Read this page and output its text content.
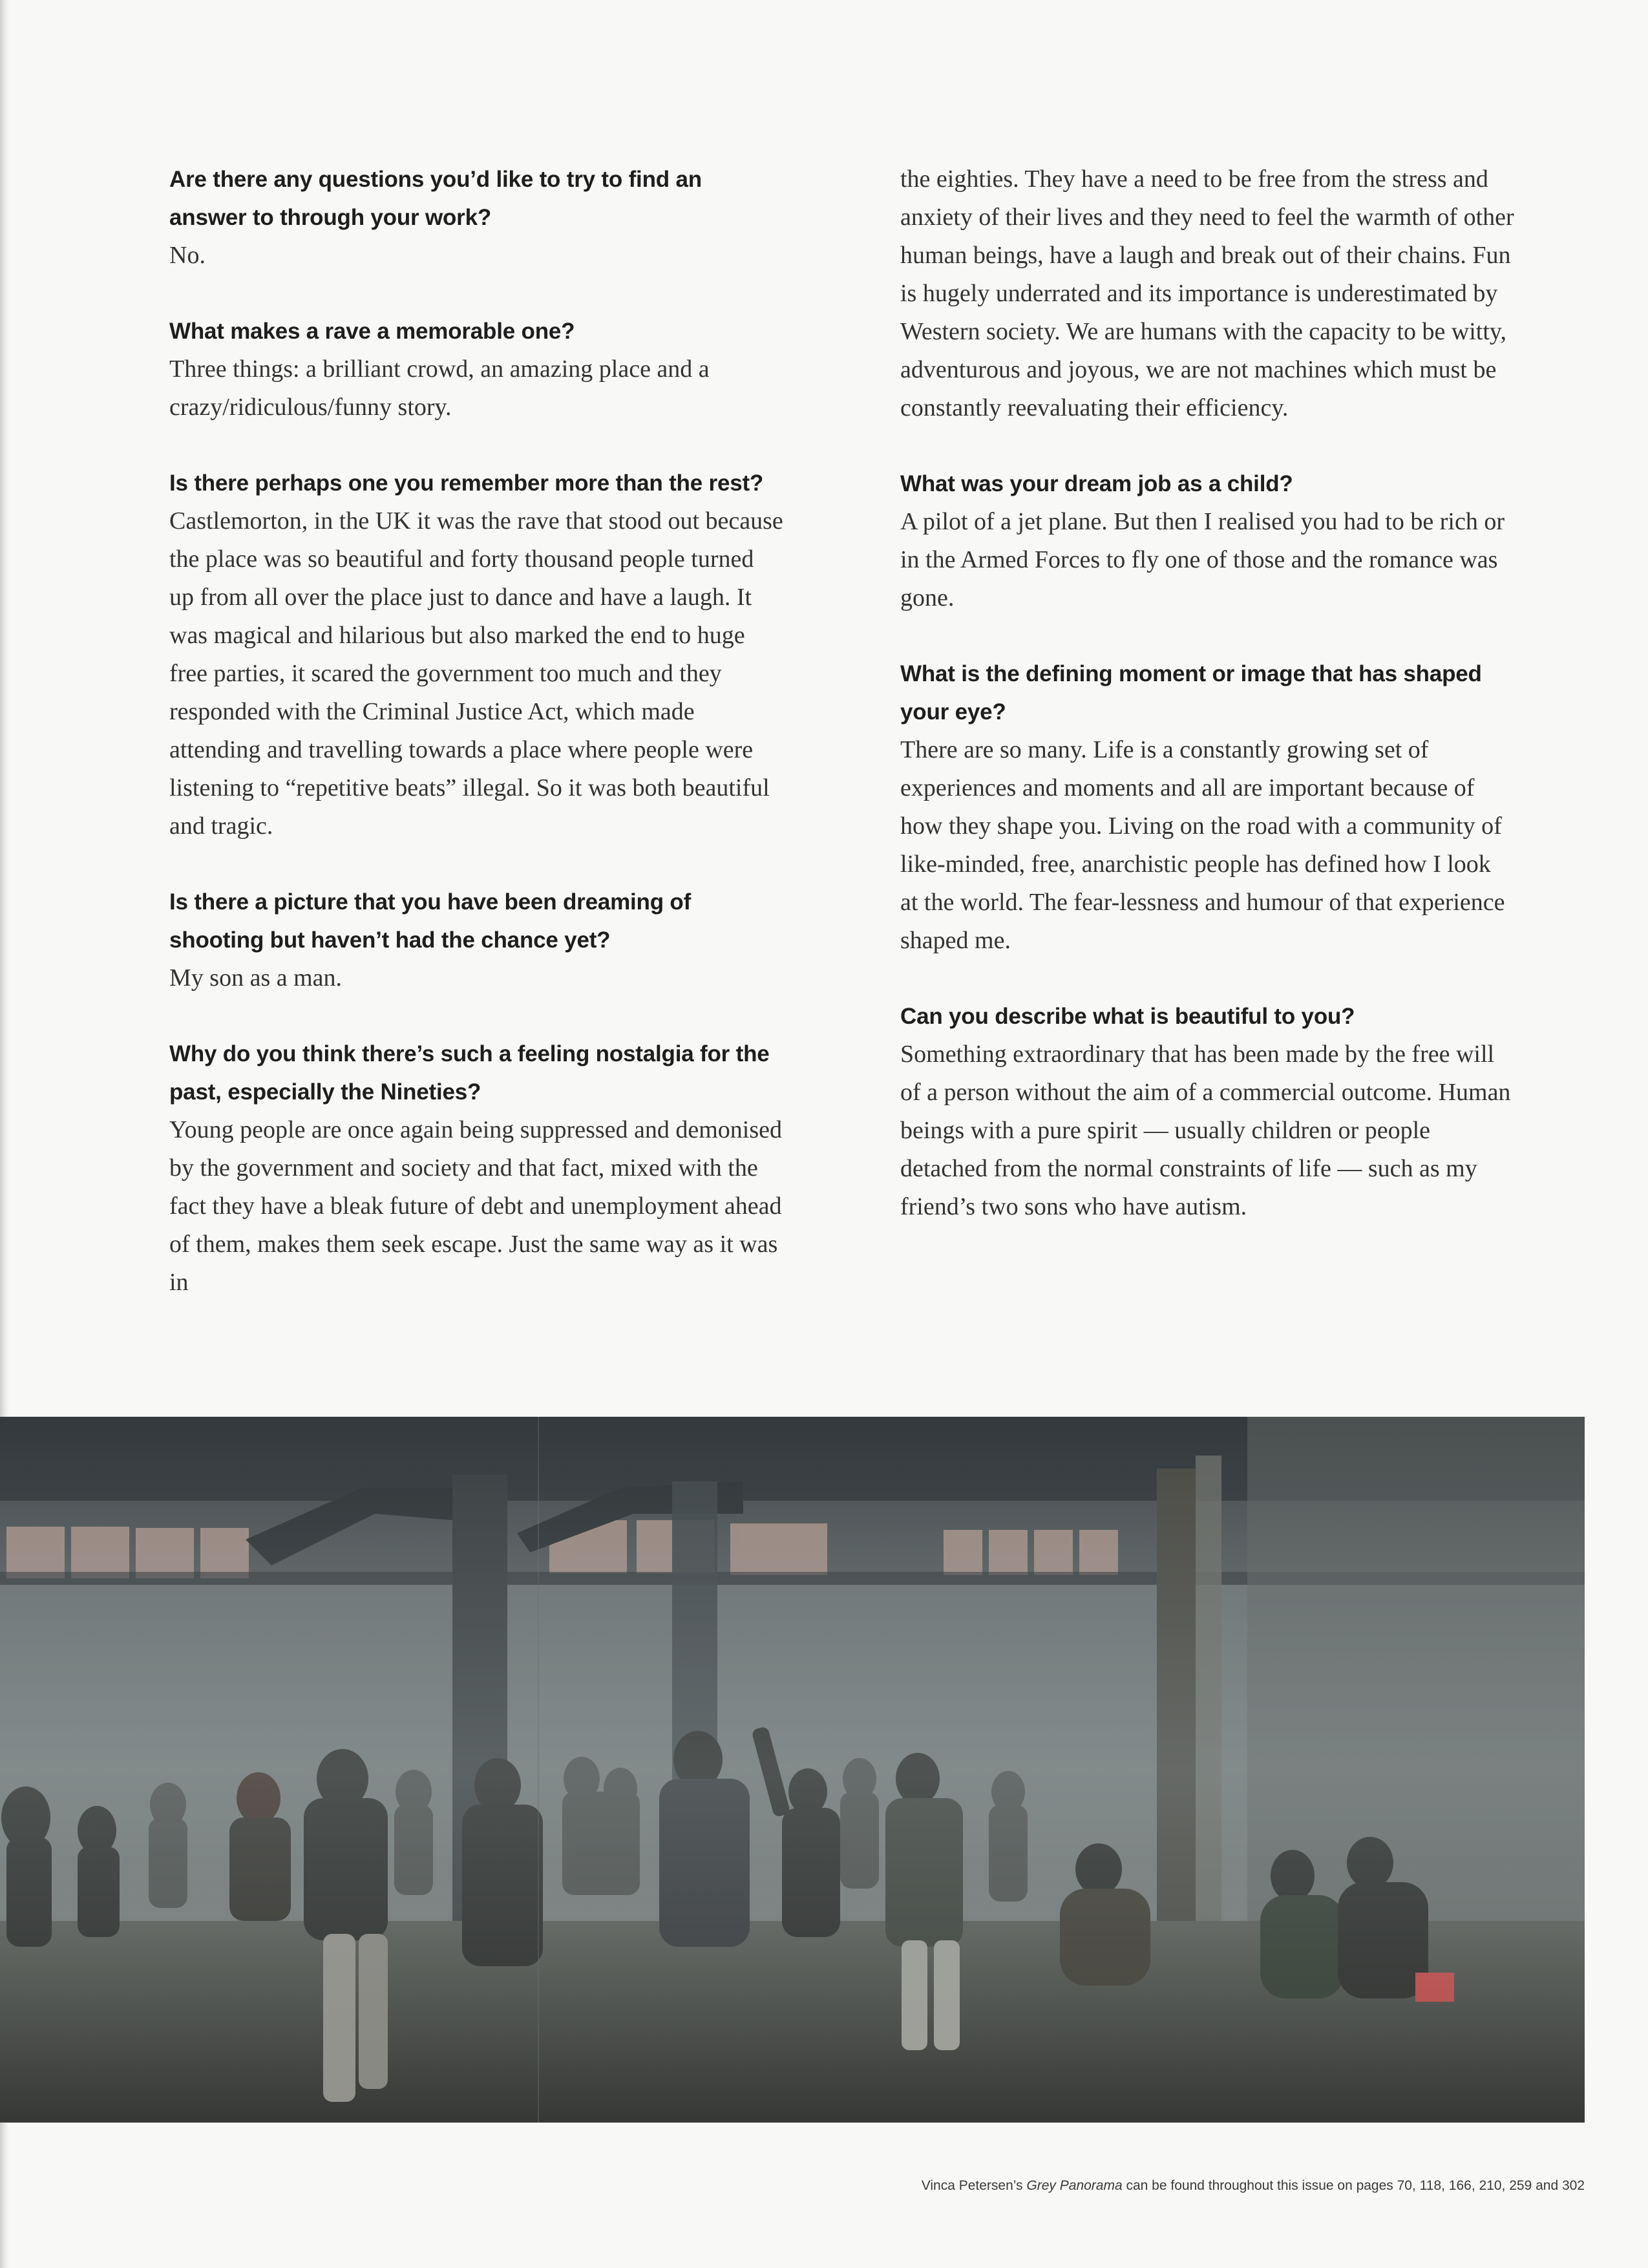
Are there any questions you’d like to try to find an answer to through your work?

No.

What makes a rave a memorable one?

Three things: a brilliant crowd, an amazing place and a crazy/ridiculous/funny story.

Is there perhaps one you remember more than the rest?

Castlemorton, in the UK it was the rave that stood out because the place was so beautiful and forty thousand people turned up from all over the place just to dance and have a laugh. It was magical and hilarious but also marked the end to huge free parties, it scared the government too much and they responded with the Criminal Justice Act, which made attending and travelling towards a place where people were listening to “repetitive beats” illegal. So it was both beautiful and tragic.

Is there a picture that you have been dreaming of shooting but haven’t had the chance yet?

My son as a man.

Why do you think there’s such a feeling nostalgia for the past, especially the Nineties?

Young people are once again being suppressed and demonised by the government and society and that fact, mixed with the fact they have a bleak future of debt and unemployment ahead of them, makes them seek escape. Just the same way as it was in

the eighties. They have a need to be free from the stress and anxiety of their lives and they need to feel the warmth of other human beings, have a laugh and break out of their chains. Fun is hugely underrated and its importance is underestimated by Western society. We are humans with the capacity to be witty, adventurous and joyous, we are not machines which must be constantly reevaluating their efficiency.

What was your dream job as a child?

A pilot of a jet plane. But then I realised you had to be rich or in the Armed Forces to fly one of those and the romance was gone.

What is the defining moment or image that has shaped your eye?

There are so many. Life is a constantly growing set of experiences and moments and all are important because of how they shape you. Living on the road with a community of like-minded, free, anarchistic people has defined how I look at the world. The fear-lessness and humour of that experience shaped me.

Can you describe what is beautiful to you?

Something extraordinary that has been made by the free will of a person without the aim of a commercial outcome. Human beings with a pure spirit — usually children or people detached from the normal constraints of life — such as my friend’s two sons who have autism.

Vinca Petersen’s Grey Panorama can be found throughout this issue on pages 70, 118, 166, 210, 259 and 302
